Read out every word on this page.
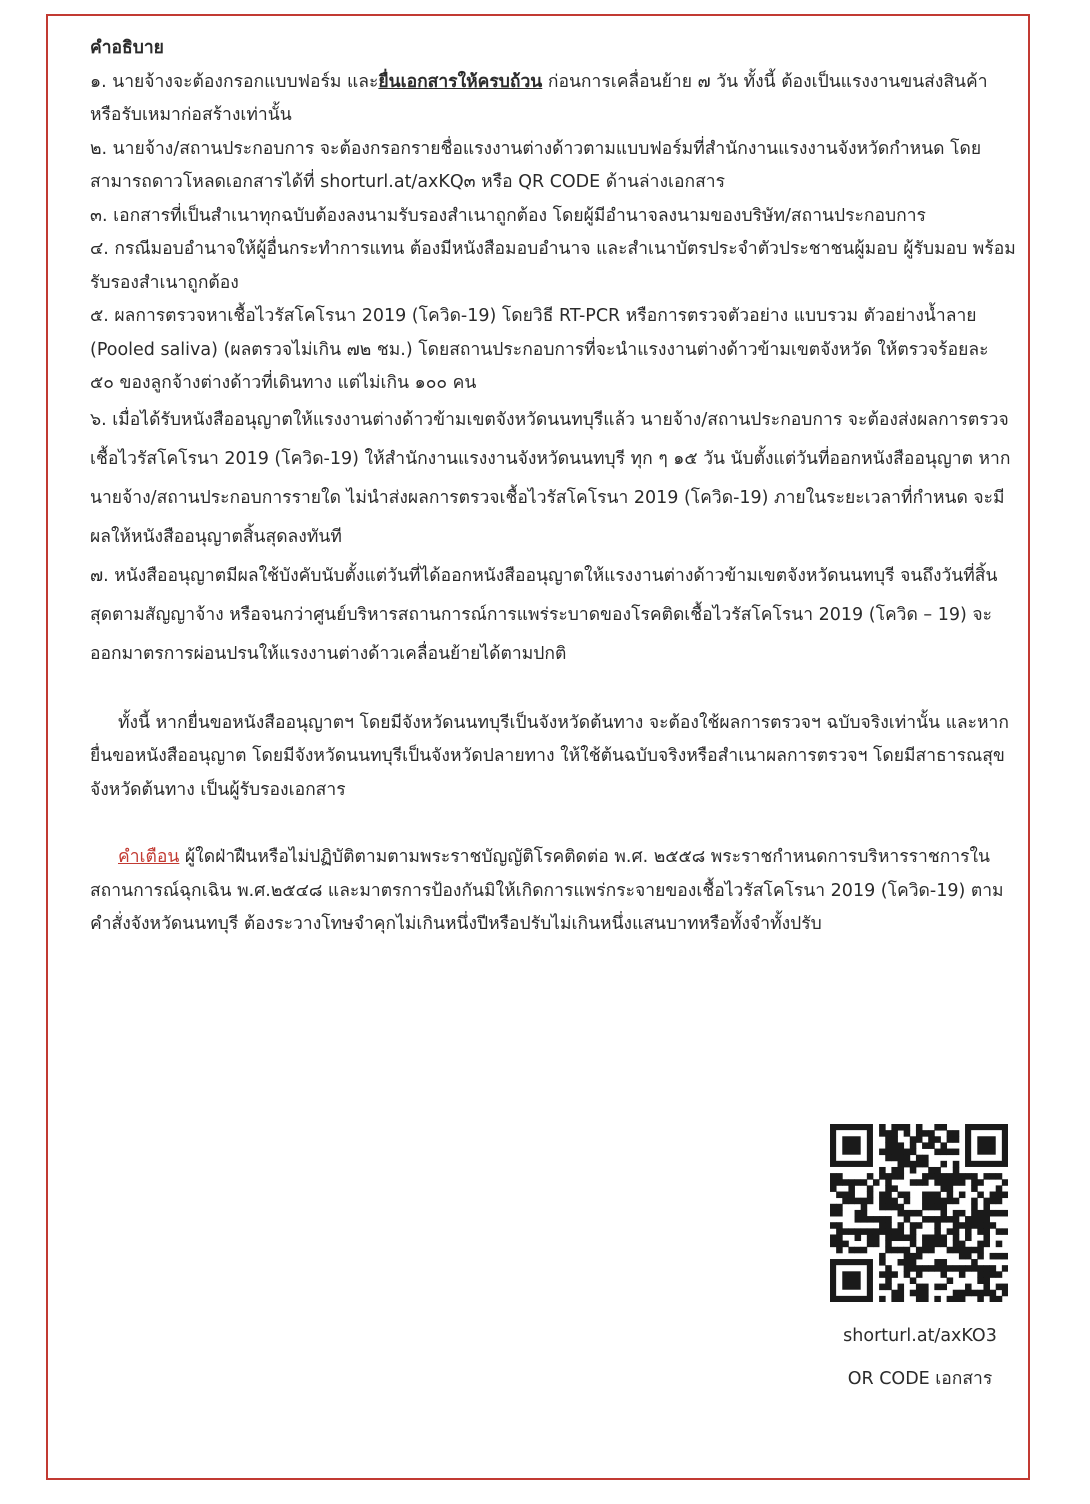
คำอธิบาย

๑. นายจ้างจะต้องกรอกแบบฟอร์ม และยื่นเอกสารให้ครบถ้วน ก่อนการเคลื่อนย้าย ๗ วัน ทั้งนี้ ต้องเป็นแรงงานขนส่งสินค้า หรือรับเหมาก่อสร้างเท่านั้น

๒. นายจ้าง/สถานประกอบการ จะต้องกรอกรายชื่อแรงงานต่างด้าวตามแบบฟอร์มที่สำนักงานแรงงานจังหวัดกำหนด โดยสามารถดาวโหลดเอกสารได้ที่ shorturl.at/axKQ๓ หรือ QR CODE ด้านล่างเอกสาร

๓. เอกสารที่เป็นสำเนาทุกฉบับต้องลงนามรับรองสำเนาถูกต้อง โดยผู้มีอำนาจลงนามของบริษัท/สถานประกอบการ

๔. กรณีมอบอำนาจให้ผู้อื่นกระทำการแทน ต้องมีหนังสือมอบอำนาจ และสำเนาบัตรประจำตัวประชาชนผู้มอบ ผู้รับมอบ พร้อมรับรองสำเนาถูกต้อง

๕. ผลการตรวจหาเชื้อไวรัสโคโรนา 2019 (โควิด-19) โดยวิธี RT-PCR หรือการตรวจตัวอย่าง แบบรวม ตัวอย่างน้ำลาย (Pooled saliva) (ผลตรวจไม่เกิน ๗๒ ชม.) โดยสถานประกอบการที่จะนำแรงงานต่างด้าวข้ามเขตจังหวัด ให้ตรวจร้อยละ ๕๐ ของลูกจ้างต่างด้าวที่เดินทาง แต่ไม่เกิน ๑๐๐ คน

๖. เมื่อได้รับหนังสืออนุญาตให้แรงงานต่างด้าวข้ามเขตจังหวัดนนทบุรีแล้ว นายจ้าง/สถานประกอบการ จะต้องส่งผลการตรวจเชื้อไวรัสโคโรนา 2019 (โควิด-19) ให้สำนักงานแรงงานจังหวัดนนทบุรี ทุก ๆ ๑๕ วัน นับตั้งแต่วันที่ออกหนังสืออนุญาต หากนายจ้าง/สถานประกอบการรายใด ไม่นำส่งผลการตรวจเชื้อไวรัสโคโรนา 2019 (โควิด-19) ภายในระยะเวลาที่กำหนด จะมีผลให้หนังสืออนุญาตสิ้นสุดลงทันที

๗. หนังสืออนุญาตมีผลใช้บังคับนับตั้งแต่วันที่ได้ออกหนังสืออนุญาตให้แรงงานต่างด้าวข้ามเขตจังหวัดนนทบุรี จนถึงวันที่สิ้นสุดตามสัญญาจ้าง หรือจนกว่าศูนย์บริหารสถานการณ์การแพร่ระบาดของโรคติดเชื้อไวรัสโคโรนา 2019 (โควิด – 19) จะออกมาตรการผ่อนปรนให้แรงงานต่างด้าวเคลื่อนย้ายได้ตามปกติ

ทั้งนี้ หากยื่นขอหนังสืออนุญาตฯ โดยมีจังหวัดนนทบุรีเป็นจังหวัดต้นทาง จะต้องใช้ผลการตรวจฯ ฉบับจริงเท่านั้น และหากยื่นขอหนังสืออนุญาต โดยมีจังหวัดนนทบุรีเป็นจังหวัดปลายทาง ให้ใช้ต้นฉบับจริงหรือสำเนาผลการตรวจฯ โดยมีสาธารณสุขจังหวัดต้นทาง เป็นผู้รับรองเอกสาร

คำเตือน ผู้ใดฝ่าฝืนหรือไม่ปฏิบัติตามตามพระราชบัญญัติโรคติดต่อ พ.ศ. ๒๕๕๘ พระราชกำหนดการบริหารราชการในสถานการณ์ฉุกเฉิน พ.ศ.๒๕๔๘ และมาตรการป้องกันมิให้เกิดการแพร่กระจายของเชื้อไวรัสโคโรนา 2019 (โควิด-19) ตามคำสั่งจังหวัดนนทบุรี ต้องระวางโทษจำคุกไม่เกินหนึ่งปีหรือปรับไม่เกินหนึ่งแสนบาทหรือทั้งจำทั้งปรับ

shorturl.at/axKO3
OR CODE เอกสาร
